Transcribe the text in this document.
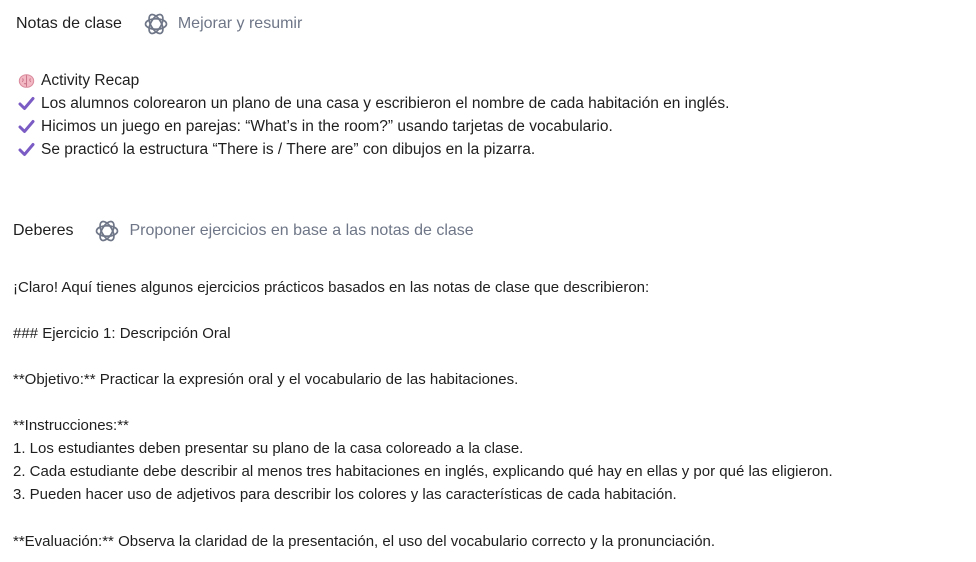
Notas de clase	Mejorar y resumir
Activity Recap
Los alumnos colorearon un plano de una casa y escribieron el nombre de cada habitación en inglés.
Hicimos un juego en parejas: “What’s in the room?” usando tarjetas de vocabulario.
Se practicó la estructura “There is / There are” con dibujos en la pizarra.
Deberes	Proponer ejercicios en base a las notas de clase
¡Claro! Aquí tienes algunos ejercicios prácticos basados en las notas de clase que describieron:
### Ejercicio 1: Descripción Oral
**Objetivo:** Practicar la expresión oral y el vocabulario de las habitaciones.
**Instrucciones:**
1. Los estudiantes deben presentar su plano de la casa coloreado a la clase.
2. Cada estudiante debe describir al menos tres habitaciones en inglés, explicando qué hay en ellas y por qué las eligieron.
3. Pueden hacer uso de adjetivos para describir los colores y las características de cada habitación.
**Evaluación:** Observa la claridad de la presentación, el uso del vocabulario correcto y la pronunciación.
